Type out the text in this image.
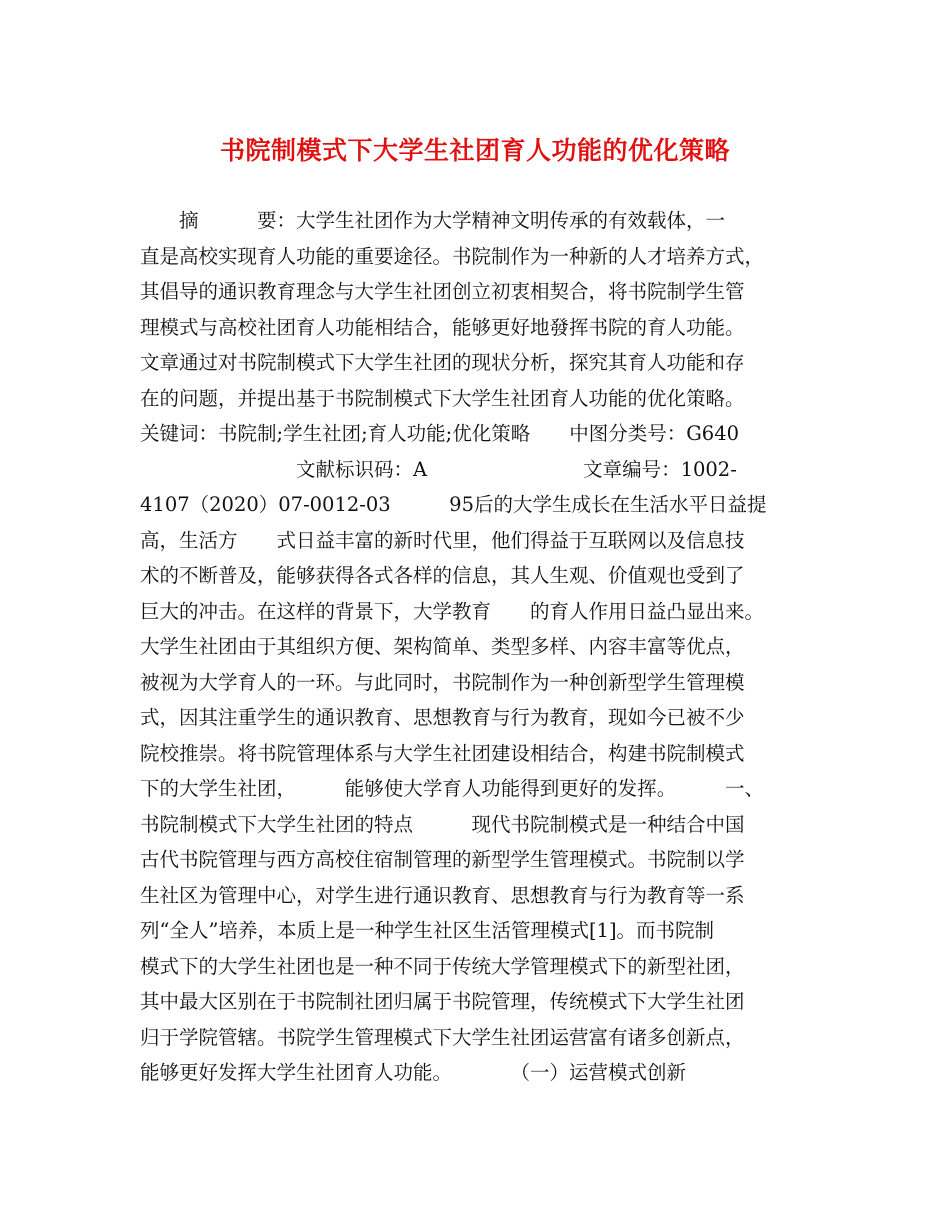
书院制模式下大学生社团育人功能的优化策略
　　摘　　　要：大学生社团作为大学精神文明传承的有效载体，一
直是高校实现育人功能的重要途径。书院制作为一种新的人才培养方式，
其倡导的通识教育理念与大学生社团创立初衷相契合，将书院制学生管
理模式与高校社团育人功能相结合，能够更好地發挥书院的育人功能。
文章通过对书院制模式下大学生社团的现状分析，探究其育人功能和存
在的问题，并提出基于书院制模式下大学生社团育人功能的优化策略。
关键词：书院制;学生社团;育人功能;优化策略　　中图分类号：G640
　　　　　　　　文献标识码：A　　　　　　　　文章编号：1002-
4107（2020）07-0012-03　　　95后的大学生成长在生活水平日益提
高，生活方　　式日益丰富的新时代里，他们得益于互联网以及信息技
术的不断普及，能够获得各式各样的信息，其人生观、价值观也受到了
巨大的冲击。在这样的背景下，大学教育　　的育人作用日益凸显出来。
大学生社团由于其组织方便、架构简单、类型多样、内容丰富等优点，
被视为大学育人的一环。与此同时，书院制作为一种创新型学生管理模
式，因其注重学生的通识教育、思想教育与行为教育，现如今已被不少
院校推崇。将书院管理体系与大学生社团建设相结合，构建书院制模式
下的大学生社团，　　　能够使大学育人功能得到更好的发挥。　　　一、
书院制模式下大学生社团的特点　　　现代书院制模式是一种结合中国
古代书院管理与西方高校住宿制管理的新型学生管理模式。书院制以学
生社区为管理中心，对学生进行通识教育、思想教育与行为教育等一系
列“全人”培养，本质上是一种学生社区生活管理模式[1]。而书院制
模式下的大学生社团也是一种不同于传统大学管理模式下的新型社团，
其中最大区别在于书院制社团归属于书院管理，传统模式下大学生社团
归于学院管辖。书院学生管理模式下大学生社团运营富有诸多创新点，
能够更好发挥大学生社团育人功能。　　　　（一）运营模式创新
